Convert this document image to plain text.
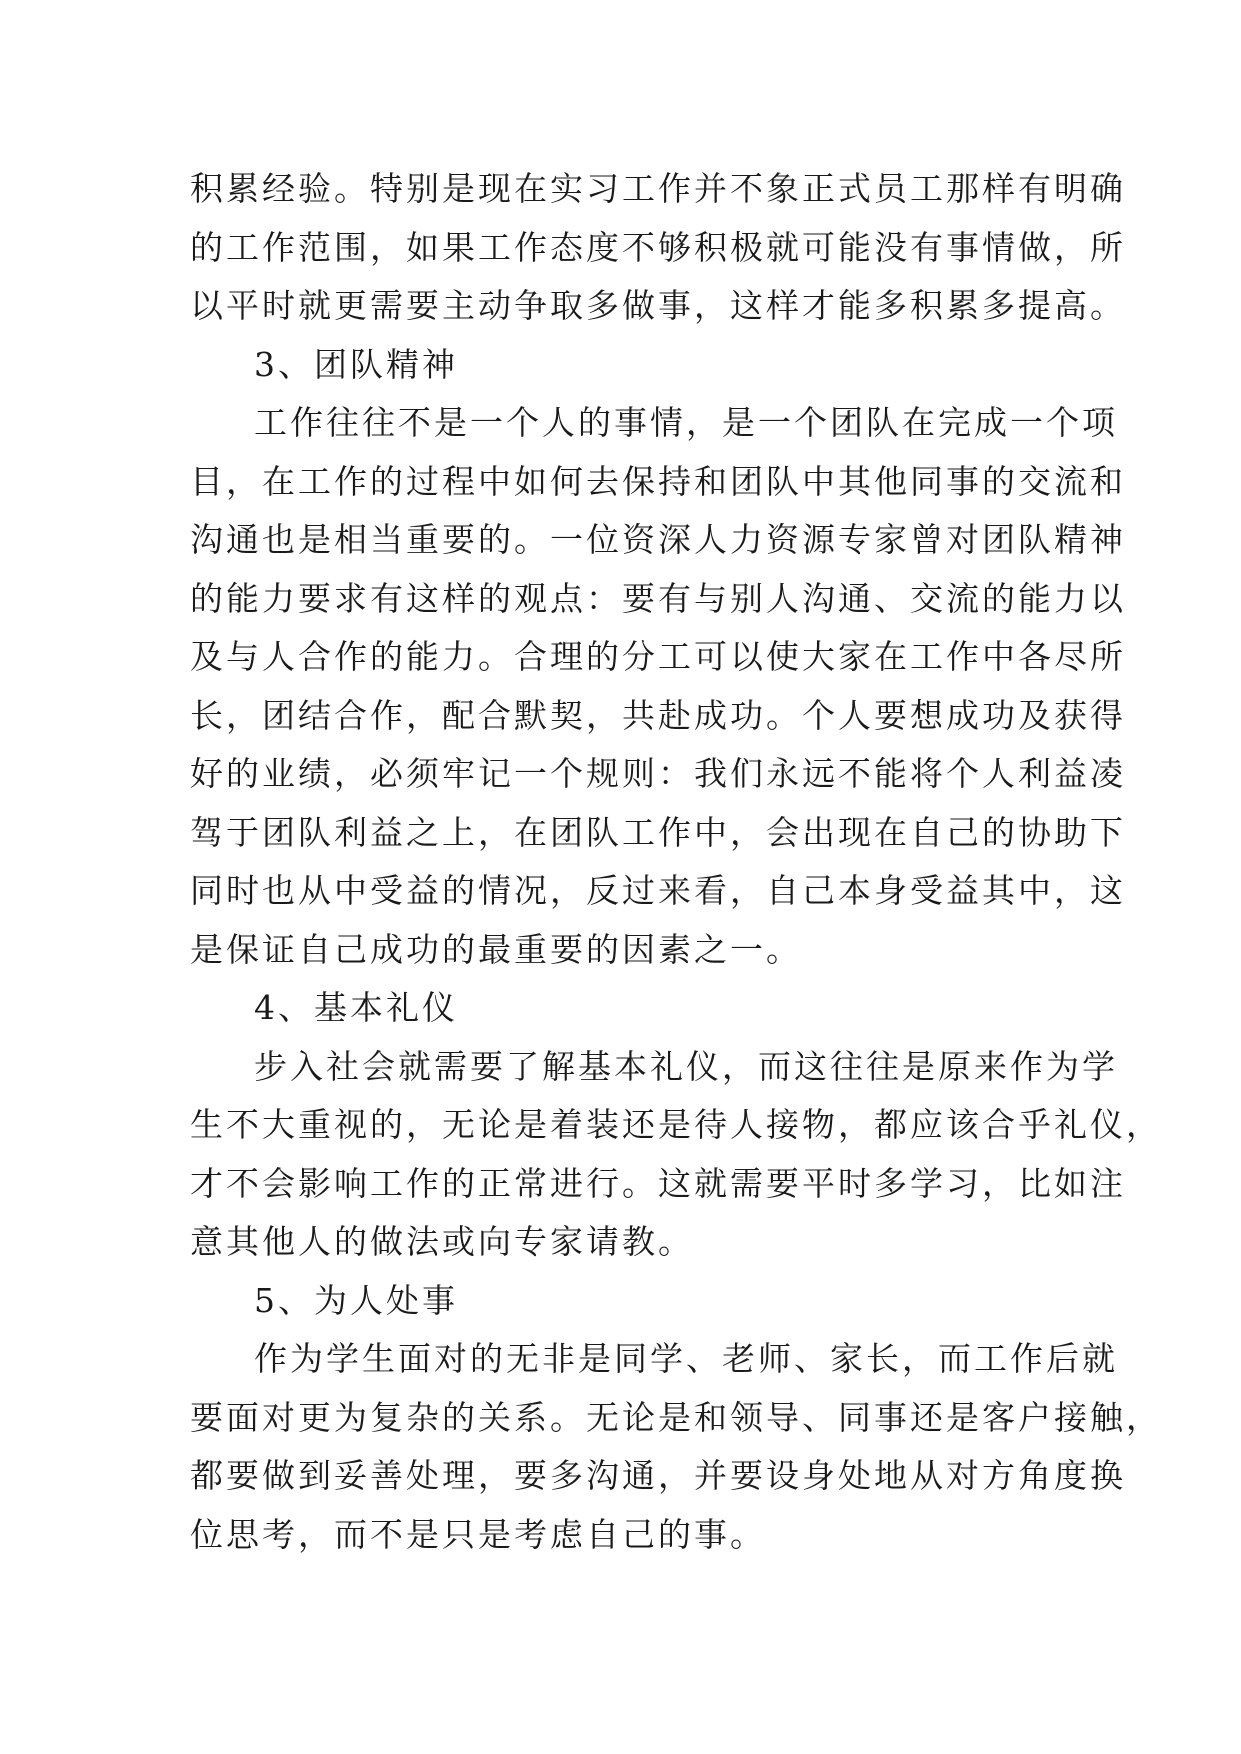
积累经验。特别是现在实习工作并不象正式员工那样有明确
的工作范围，如果工作态度不够积极就可能没有事情做，所
以平时就更需要主动争取多做事，这样才能多积累多提高。
3、团队精神
工作往往不是一个人的事情，是一个团队在完成一个项
目，在工作的过程中如何去保持和团队中其他同事的交流和
沟通也是相当重要的。一位资深人力资源专家曾对团队精神
的能力要求有这样的观点：要有与别人沟通、交流的能力以
及与人合作的能力。合理的分工可以使大家在工作中各尽所
长，团结合作，配合默契，共赴成功。个人要想成功及获得
好的业绩，必须牢记一个规则：我们永远不能将个人利益凌
驾于团队利益之上，在团队工作中，会出现在自己的协助下
同时也从中受益的情况，反过来看，自己本身受益其中，这
是保证自己成功的最重要的因素之一。
4、基本礼仪
步入社会就需要了解基本礼仪，而这往往是原来作为学
生不大重视的，无论是着装还是待人接物，都应该合乎礼仪，
才不会影响工作的正常进行。这就需要平时多学习，比如注
意其他人的做法或向专家请教。
5、为人处事
作为学生面对的无非是同学、老师、家长，而工作后就
要面对更为复杂的关系。无论是和领导、同事还是客户接触，
都要做到妥善处理，要多沟通，并要设身处地从对方角度换
位思考，而不是只是考虑自己的事。
